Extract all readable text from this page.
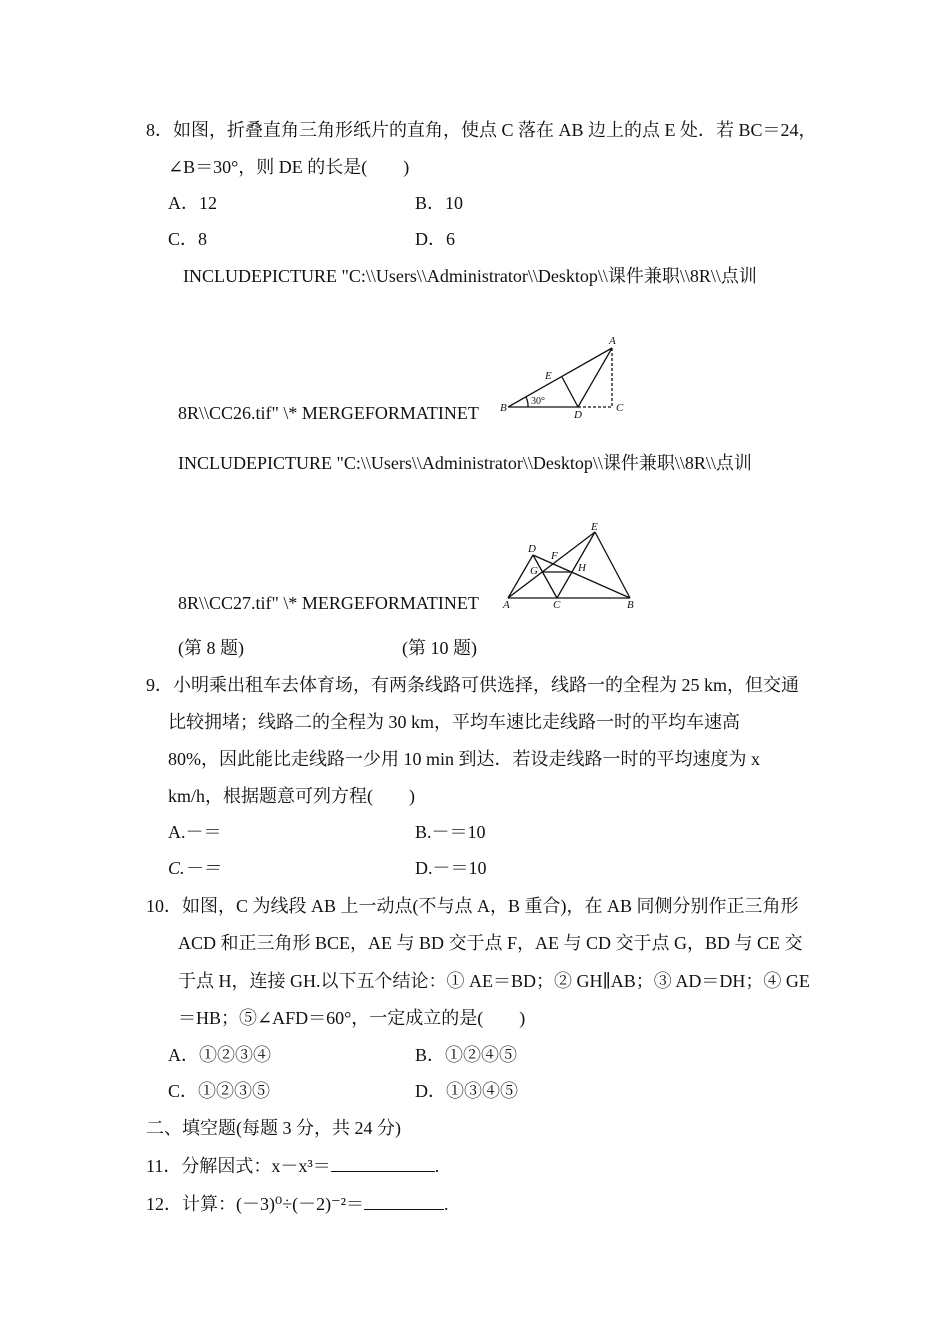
8．如图，折叠直角三角形纸片的直角，使点 C 落在 AB 边上的点 E 处．若 BC＝24，
∠B＝30°，则 DE 的长是(　　)
A．12	B．10
C．8	D．6
INCLUDEPICTURE "C:\\Users\\Administrator\\Desktop\\课件兼职\\8R\\点训
8R\\CC26.tif" \* MERGEFORMATINET
A
B	C
D
E
30°
INCLUDEPICTURE "C:\\Users\\Administrator\\Desktop\\课件兼职\\8R\\点训
8R\\CC27.tif" \* MERGEFORMATINET
E
D
F
G	H
A	C	B
(第 8 题)	(第 10 题)
9．小明乘出租车去体育场，有两条线路可供选择，线路一的全程为 25 km，但交通
比较拥堵；线路二的全程为 30 km，平均车速比走线路一时的平均车速高
80%，因此能比走线路一少用 10 min 到达．若设走线路一时的平均速度为 x
km/h，根据题意可列方程(　　)
A.－＝	B.－＝10
C.－＝	D.－＝10
10．如图，C 为线段 AB 上一动点(不与点 A，B 重合)，在 AB 同侧分别作正三角形
ACD 和正三角形 BCE，AE 与 BD 交于点 F，AE 与 CD 交于点 G，BD 与 CE 交
于点 H，连接 GH.以下五个结论：① AE＝BD；② GH∥AB；③ AD＝DH；④ GE
＝HB；⑤∠AFD＝60°，一定成立的是(　　)
A．①②③④	B．①②④⑤
C．①②③⑤	D．①③④⑤
二、填空题(每题 3 分，共 24 分)
11．分解因式：x－x³＝	.
12．计算：(－3)⁰÷(－2)⁻²＝	.
